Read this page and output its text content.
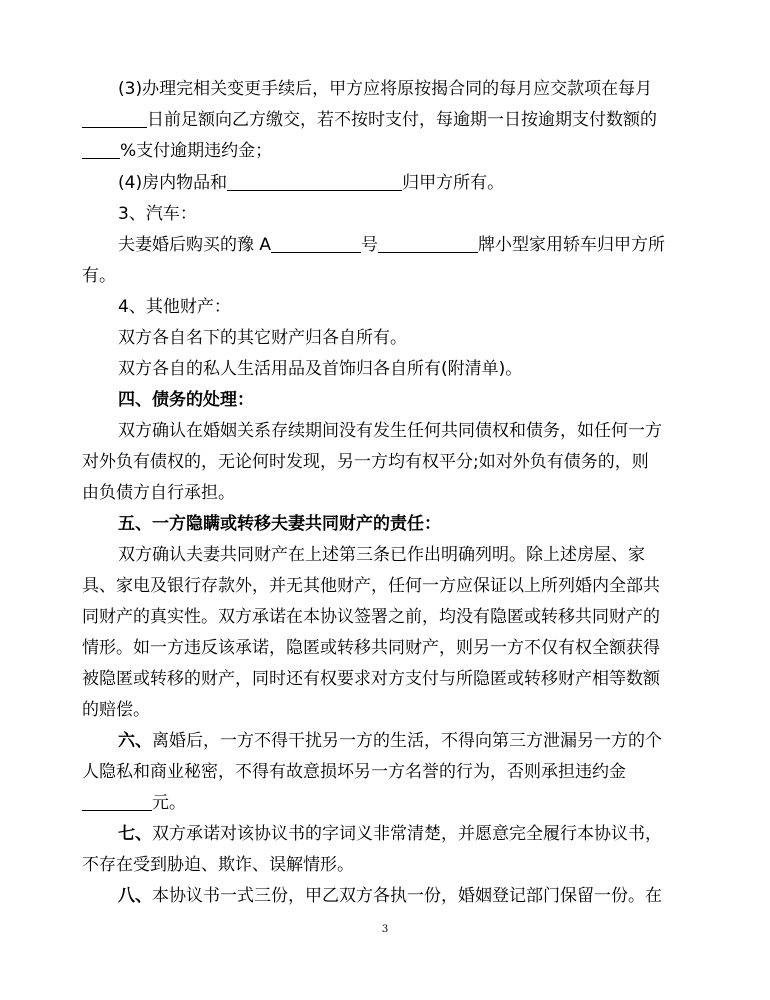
(3)办理完相关变更手续后，甲方应将原按揭合同的每月应交款项在每月
日前足额向乙方缴交，若不按时支付，每逾期一日按逾期支付数额的
%支付逾期违约金；
(4)房内物品和	归甲方所有。
3、汽车：
夫妻婚后购买的豫 A	号	牌小型家用轿车归甲方所
有。
4、其他财产：
双方各自名下的其它财产归各自所有。
双方各自的私人生活用品及首饰归各自所有(附清单)。
四、债务的处理：
双方确认在婚姻关系存续期间没有发生任何共同债权和债务，如任何一方
对外负有债权的，无论何时发现，另一方均有权平分;如对外负有债务的，则
由负债方自行承担。
五、一方隐瞒或转移夫妻共同财产的责任：
双方确认夫妻共同财产在上述第三条已作出明确列明。除上述房屋、家
具、家电及银行存款外，并无其他财产，任何一方应保证以上所列婚内全部共
同财产的真实性。双方承诺在本协议签署之前，均没有隐匿或转移共同财产的
情形。如一方违反该承诺，隐匿或转移共同财产，则另一方不仅有权全额获得
被隐匿或转移的财产，同时还有权要求对方支付与所隐匿或转移财产相等数额
的赔偿。
六、离婚后，一方不得干扰另一方的生活，不得向第三方泄漏另一方的个
人隐私和商业秘密，不得有故意损坏另一方名誉的行为，否则承担违约金
元。
七、双方承诺对该协议书的字词义非常清楚，并愿意完全履行本协议书，
不存在受到胁迫、欺诈、误解情形。
八、本协议书一式三份，甲乙双方各执一份，婚姻登记部门保留一份。在
3
